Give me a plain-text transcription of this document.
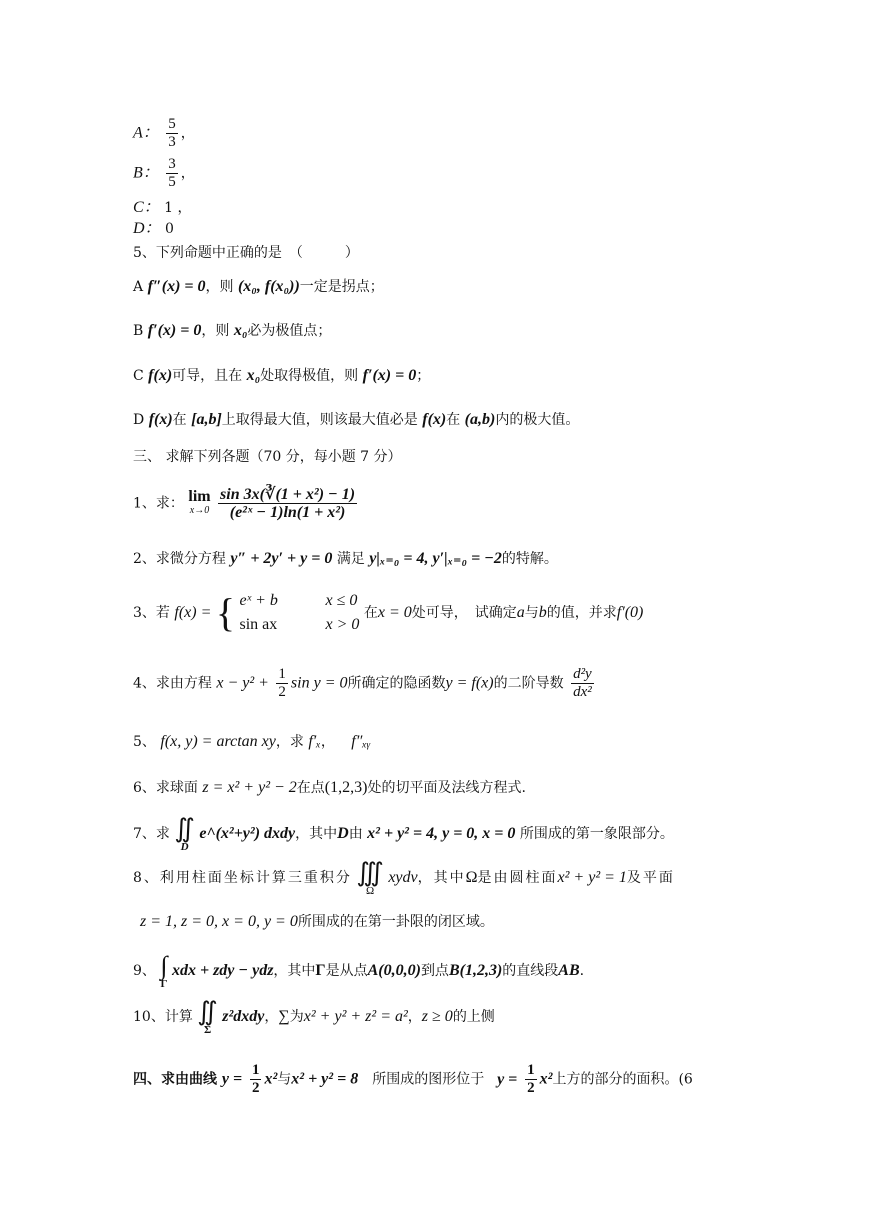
A： $\frac{5}{3}$ ，
B： $\frac{3}{5}$ ，
C： 1 ，
D： 0
5、下列命题中正确的是　（　　　）
A f″(x) = 0，则 (x₀, f(x₀))一定是拐点；
B f′(x) = 0，则 x₀必为极值点；
C f(x)可导，且在 x₀处取得极值，则 f′(x) = 0；
D f(x)在 [a,b]上取得最大值，则该最大值必是 f(x)在 (a,b)内的极大值。
三、 求解下列各题（70 分，每小题 7 分）
1、求： lim
x→0
$\frac{\text{sin 3x(∛(1 + x²) − 1)}}{\text{(e²ˣ − 1)ln(1 + x²)}}$
2、求微分方程 y″ + 2y′ + y = 0 满足 y|ₓ₌₀ = 4, y′|ₓ₌₀ = −2的特解。
3、若 f(x) = { eˣ + b	x ≤ 0
sin ax	x > 0
在x = 0处可导，　试确定a与b的值，并求f′(0)
4、求由方程 $x - y^2 + \frac{1}{2}$ sin y = 0所确定的隐函数y = f(x)的二阶导数 $\frac{\text{d²y}}{\text{dx²}}$
5、 f(x, y) = arctan xy，求 f′ₓ， f″ₓᵧ
6、求球面 z = x² + y² − 2在点(1,2,3)处的切平面及法线方程式.
7、求 ∬
D
e^(x²+y²) dxdy，其中D由 x² + y² = 4, y = 0, x = 0 所围成的第一象限部分。
8、利用柱面坐标计算三重积分 ∭
Ω
xydv，其中Ω是由圆柱面x² + y² = 1及平面
z = 1, z = 0, x = 0, y = 0所围成的在第一卦限的闭区域。
9、 ∫
Γ
xdx + zdy − ydz，其中Γ是从点A(0,0,0)到点B(1,2,3)的直线段AB.
10、计算 ∬
Σ
z²dxdy，∑为x² + y² + z² = a²，z ≥ 0的上侧
四、求由曲线 $y = \frac{1}{2} x^2$与x² + y² = 8　所围成的图形位于 $y = \frac{1}{2} x^2$上方的部分的面积。(6
